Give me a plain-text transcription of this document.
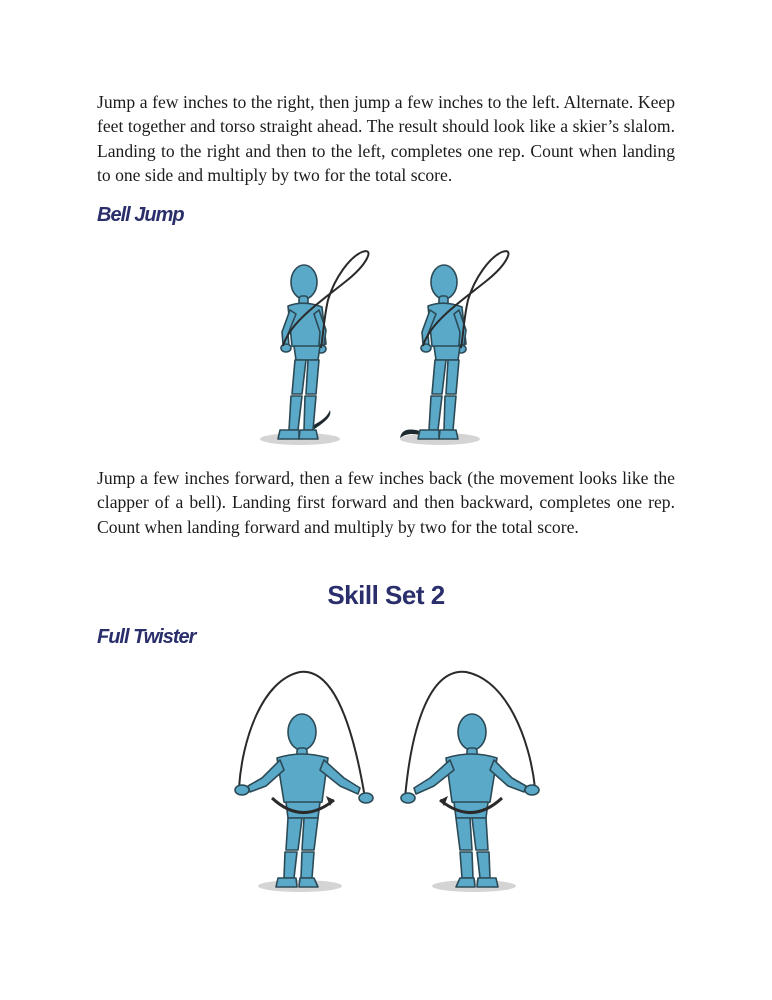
Jump a few inches to the right, then jump a few inches to the left. Alternate. Keep feet together and torso straight ahead. The result should look like a skier’s slalom. Landing to the right and then to the left, completes one rep. Count when landing to one side and multiply by two for the total score.

Bell Jump

Jump a few inches forward, then a few inches back (the movement looks like the clapper of a bell). Landing first forward and then backward, completes one rep. Count when landing forward and multiply by two for the total score.

Skill Set 2
Full Twister
